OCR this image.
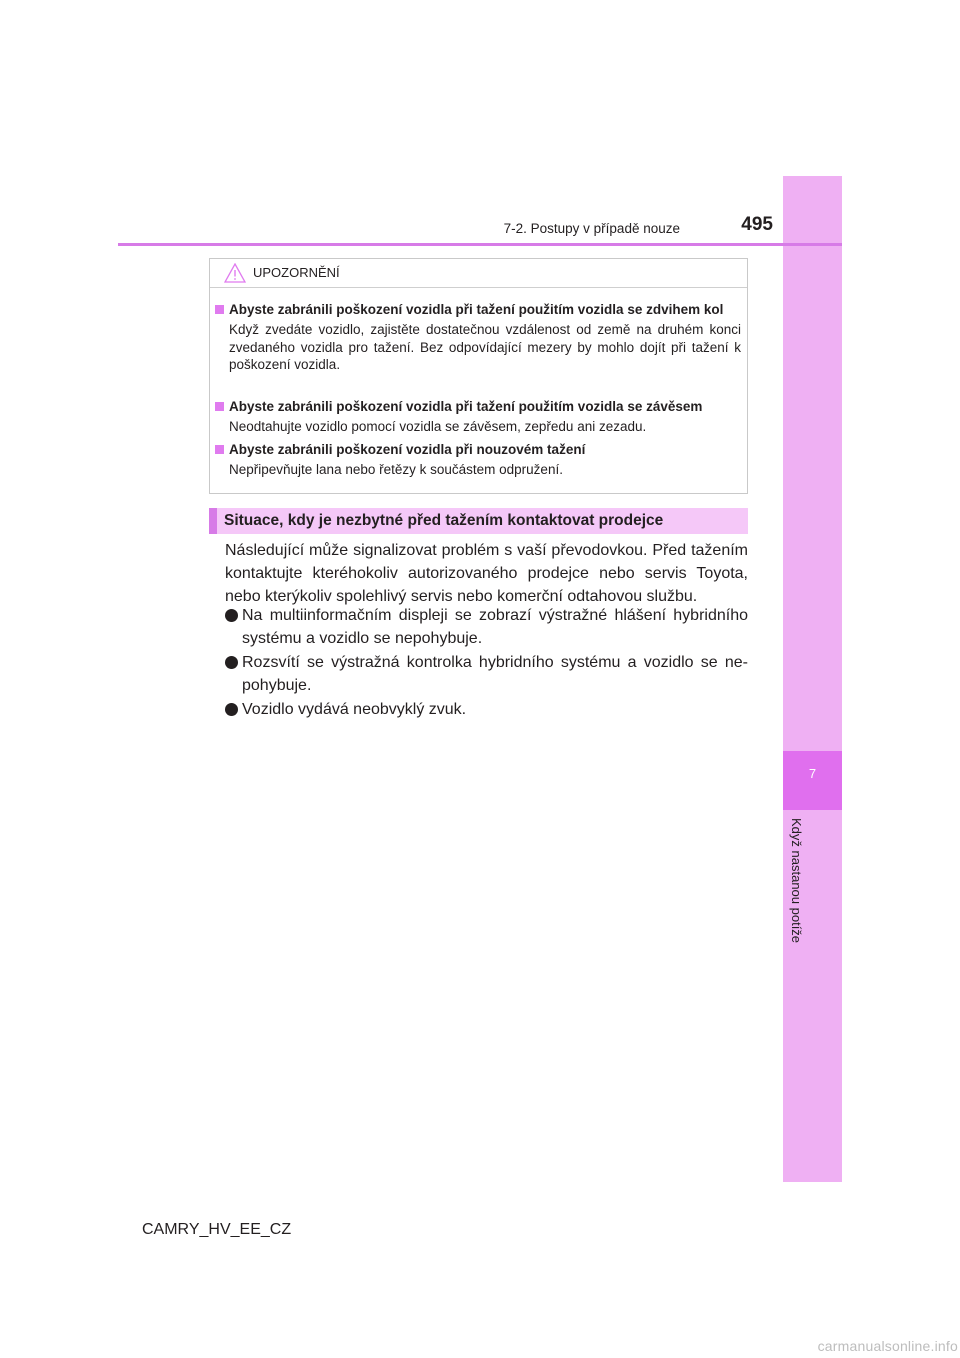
7
Když nastanou potíže
7-2. Postupy v případě nouze	495
UPOZORNĚNÍ
Abyste zabránili poškození vozidla při tažení použitím vozidla se zdvihem kol
Když zvedáte vozidlo, zajistěte dostatečnou vzdálenost od země na druhém konci zvedaného vozidla pro tažení. Bez odpovídající mezery by mohlo dojít při tažení k poškození vozidla.
Abyste zabránili poškození vozidla při tažení použitím vozidla se závěsem
Neodtahujte vozidlo pomocí vozidla se závěsem, zepředu ani zezadu.
Abyste zabránili poškození vozidla při nouzovém tažení
Nepřipevňujte lana nebo řetězy k součástem odpružení.
Situace, kdy je nezbytné před tažením kontaktovat prodejce
Následující může signalizovat problém s vaší převodovkou. Před tažením kontaktujte kteréhokoliv autorizovaného prodejce nebo servis Toyota, nebo kterýkoliv spolehlivý servis nebo komerční odtahovou službu.
Na multiinformačním displeji se zobrazí výstražné hlášení hybridního systému a vozidlo se nepohybuje.
Rozsvítí se výstražná kontrolka hybridního systému a vozidlo se ne-pohybuje.
Vozidlo vydává neobvyklý zvuk.
CAMRY_HV_EE_CZ
carmanualsonline.info
